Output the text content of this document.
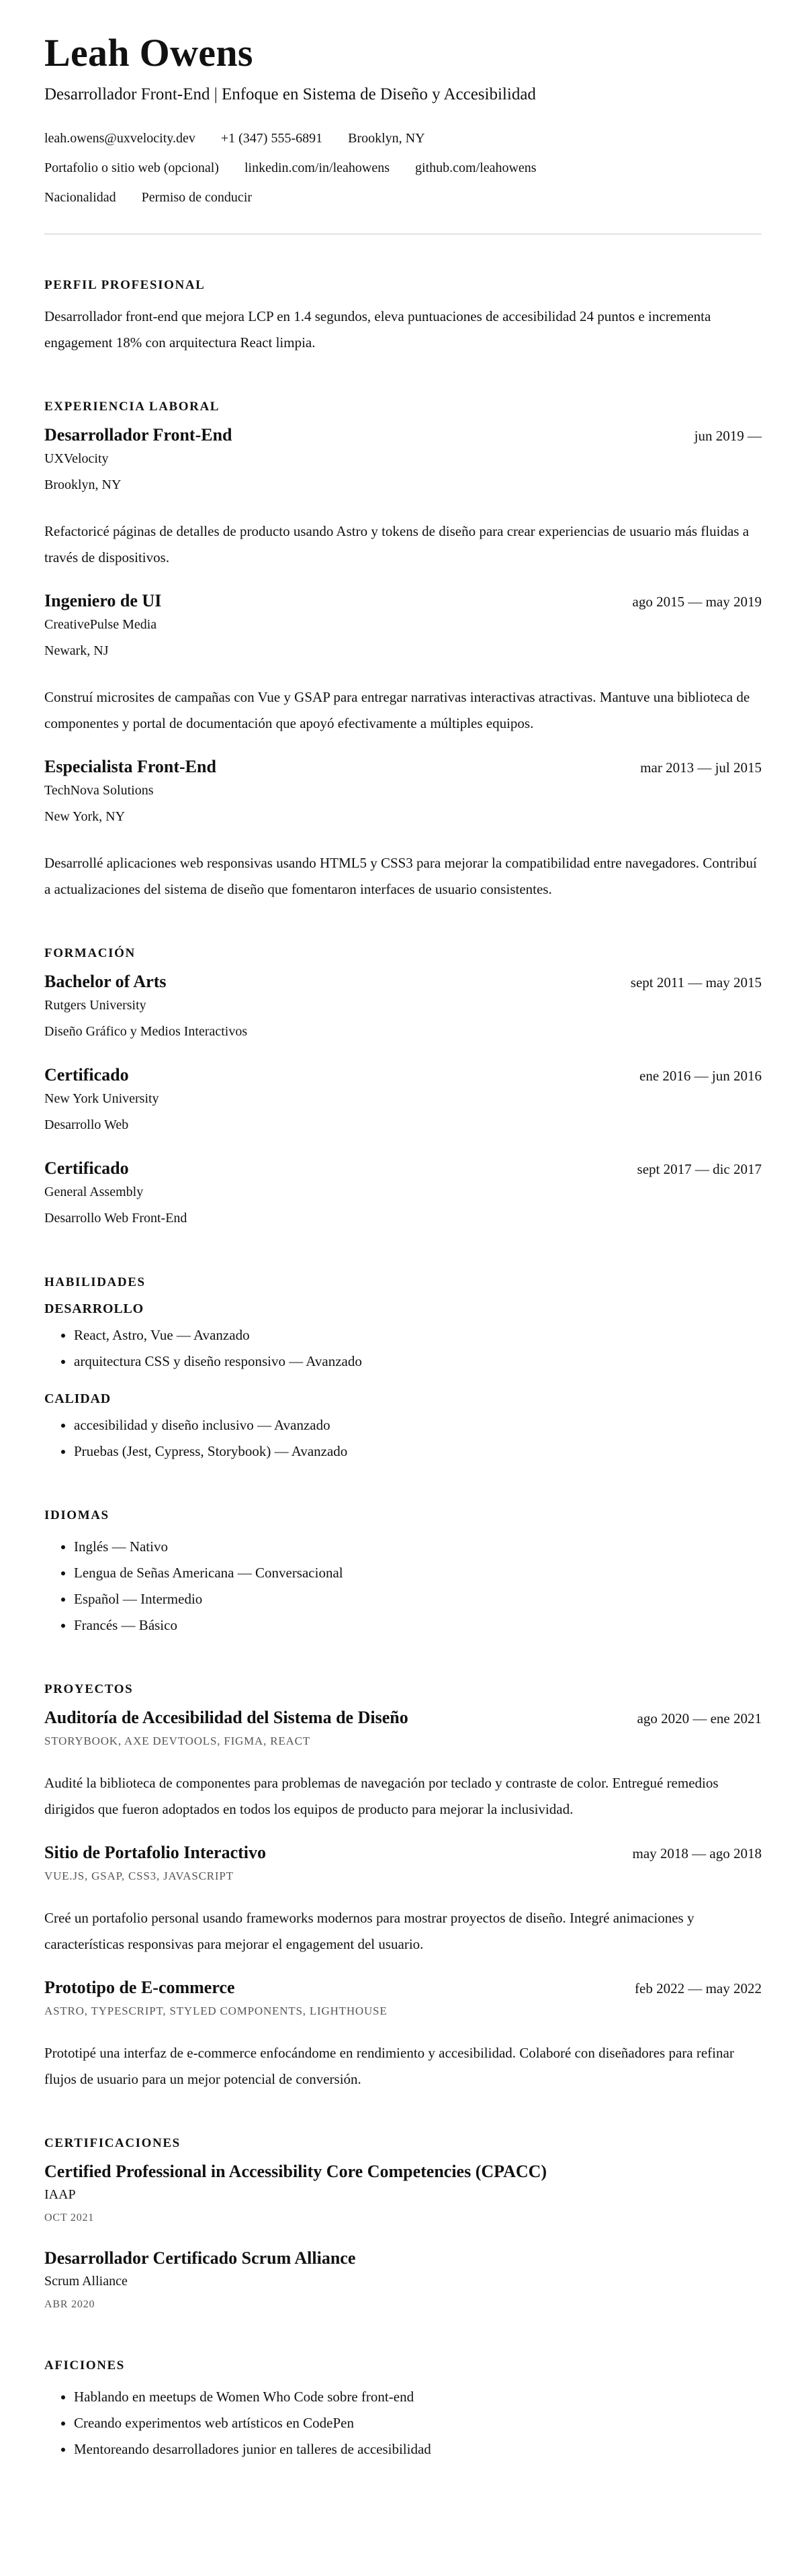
Leah Owens
Desarrollador Front-End | Enfoque en Sistema de Diseño y Accesibilidad
leah.owens@uxvelocity.dev +1 (347) 555-6891 Brooklyn, NY
Portafolio o sitio web (opcional) linkedin.com/in/leahowens github.com/leahowens
Nacionalidad Permiso de conducir
PERFIL PROFESIONAL

Desarrollador front-end que mejora LCP en 1.4 segundos, eleva puntuaciones de accesibilidad 24 puntos e incrementa engagement 18% con arquitectura React limpia.

EXPERIENCIA LABORAL
Desarrollador Front-End	jun 2019 —
UXVelocity
Brooklyn, NY

Refactoricé páginas de detalles de producto usando Astro y tokens de diseño para crear experiencias de usuario más fluidas a través de dispositivos.

Ingeniero de UI	ago 2015 — may 2019
CreativePulse Media
Newark, NJ

Construí microsites de campañas con Vue y GSAP para entregar narrativas interactivas atractivas. Mantuve una biblioteca de componentes y portal de documentación que apoyó efectivamente a múltiples equipos.

Especialista Front-End	mar 2013 — jul 2015
TechNova Solutions
New York, NY

Desarrollé aplicaciones web responsivas usando HTML5 y CSS3 para mejorar la compatibilidad entre navegadores. Contribuí a actualizaciones del sistema de diseño que fomentaron interfaces de usuario consistentes.

FORMACIÓN
Bachelor of Arts	sept 2011 — may 2015
Rutgers University
Diseño Gráfico y Medios Interactivos
Certificado	ene 2016 — jun 2016
New York University
Desarrollo Web
Certificado	sept 2017 — dic 2017
General Assembly
Desarrollo Web Front-End
HABILIDADES
DESARROLLO
• React, Astro, Vue — Avanzado
• arquitectura CSS y diseño responsivo — Avanzado
CALIDAD
• accesibilidad y diseño inclusivo — Avanzado
• Pruebas (Jest, Cypress, Storybook) — Avanzado
IDIOMAS
• Inglés — Nativo
• Lengua de Señas Americana — Conversacional
• Español — Intermedio
• Francés — Básico
PROYECTOS
Auditoría de Accesibilidad del Sistema de Diseño	ago 2020 — ene 2021
STORYBOOK, AXE DEVTOOLS, FIGMA, REACT

Audité la biblioteca de componentes para problemas de navegación por teclado y contraste de color. Entregué remedios dirigidos que fueron adoptados en todos los equipos de producto para mejorar la inclusividad.

Sitio de Portafolio Interactivo	may 2018 — ago 2018
VUE.JS, GSAP, CSS3, JAVASCRIPT

Creé un portafolio personal usando frameworks modernos para mostrar proyectos de diseño. Integré animaciones y características responsivas para mejorar el engagement del usuario.

Prototipo de E-commerce	feb 2022 — may 2022
ASTRO, TYPESCRIPT, STYLED COMPONENTS, LIGHTHOUSE

Prototipé una interfaz de e-commerce enfocándome en rendimiento y accesibilidad. Colaboré con diseñadores para refinar flujos de usuario para un mejor potencial de conversión.

CERTIFICACIONES
Certified Professional in Accessibility Core Competencies (CPACC)
IAAP
OCT 2021
Desarrollador Certificado Scrum Alliance
Scrum Alliance
ABR 2020
AFICIONES
• Hablando en meetups de Women Who Code sobre front-end
• Creando experimentos web artísticos en CodePen
• Mentoreando desarrolladores junior en talleres de accesibilidad
